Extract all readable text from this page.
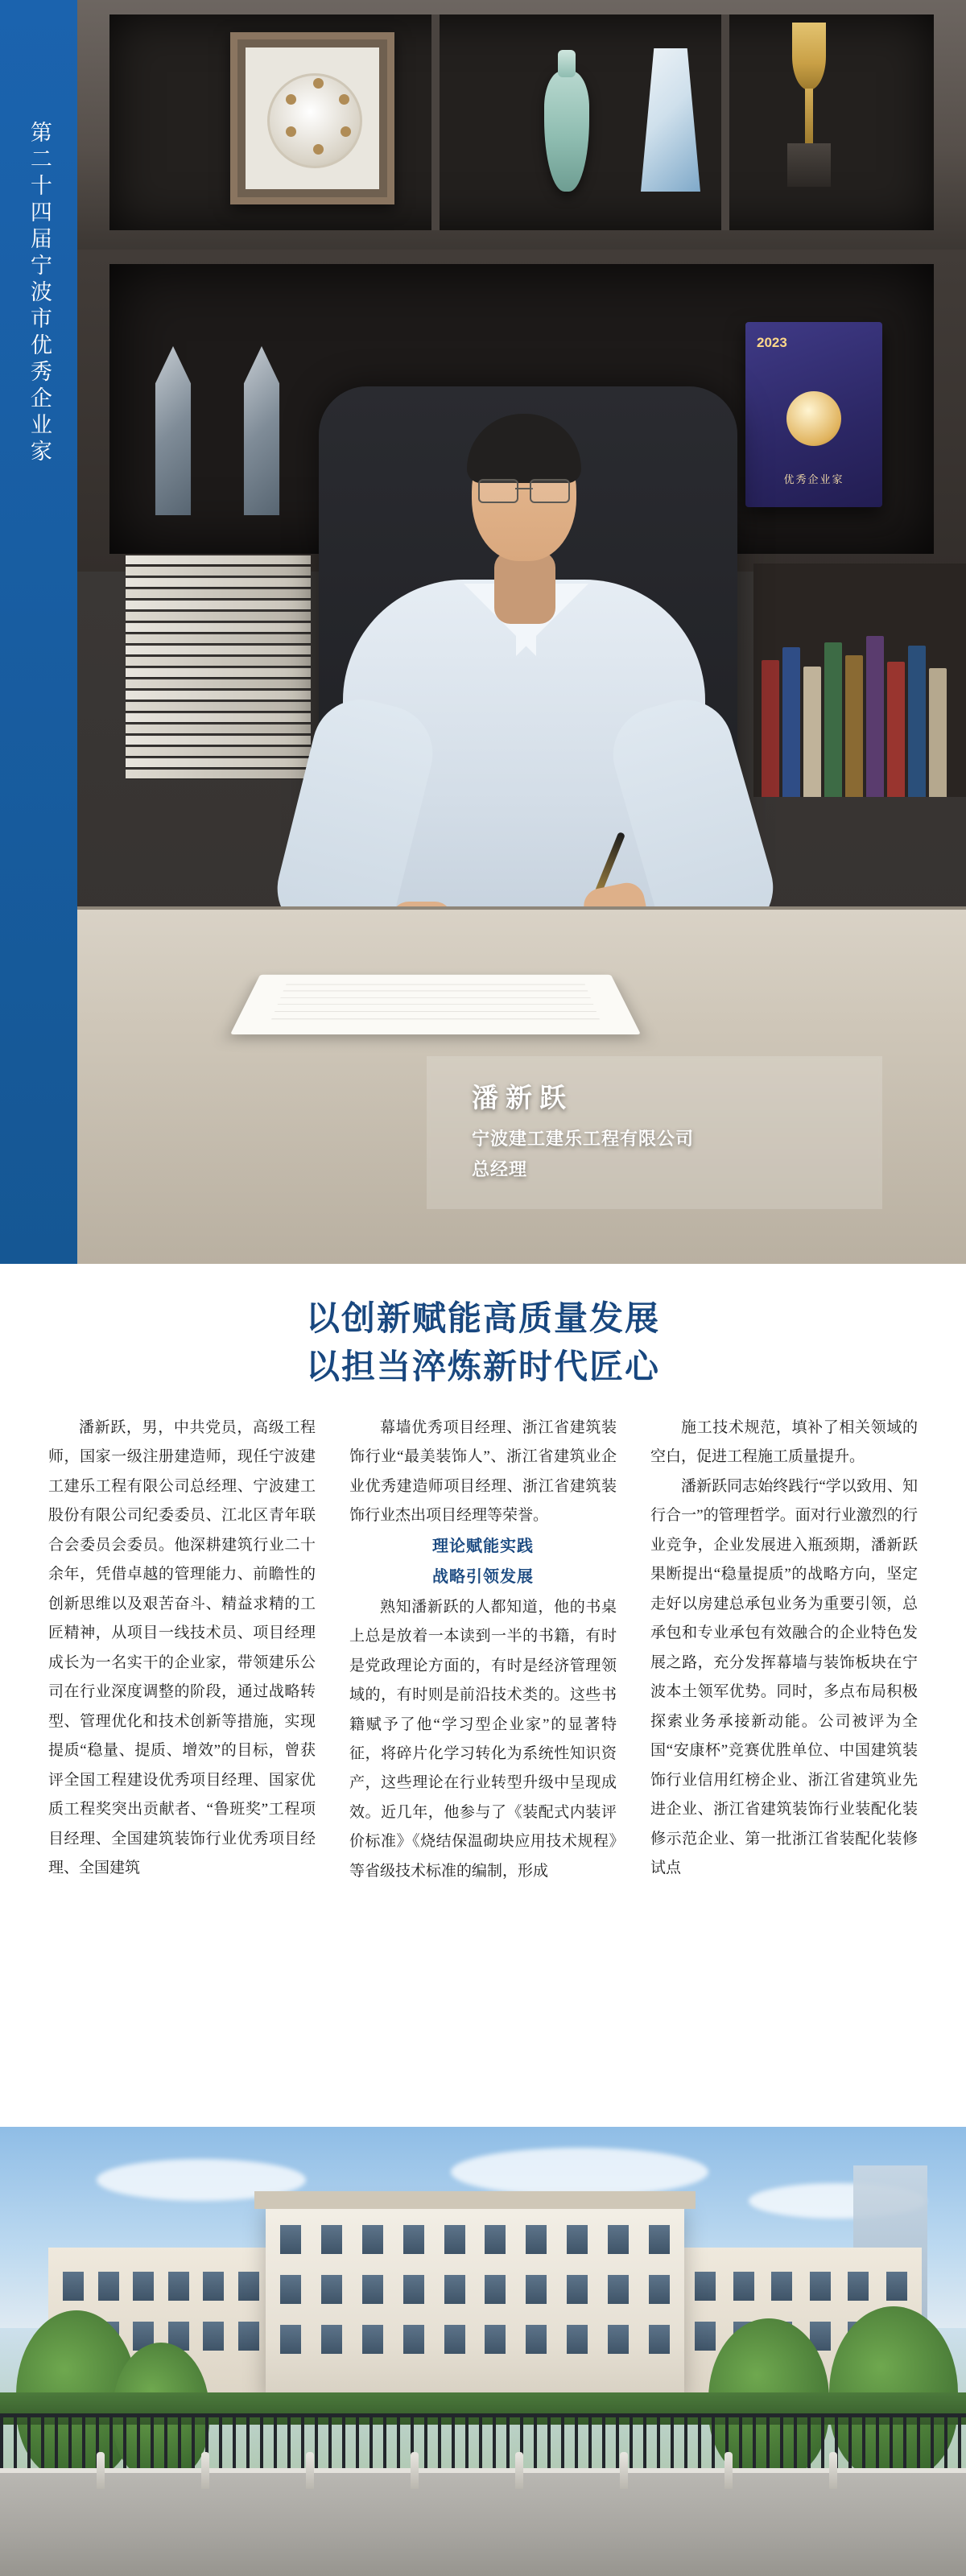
第二十四届宁波市优秀企业家	2023
优秀企业家
潘新跃
宁波建工建乐工程有限公司
总经理
以创新赋能高质量发展
以担当淬炼新时代匠心

潘新跃，男，中共党员，高级工程师，国家一级注册建造师，现任宁波建工建乐工程有限公司总经理、宁波建工股份有限公司纪委委员、江北区青年联合会委员会委员。他深耕建筑行业二十余年，凭借卓越的管理能力、前瞻性的创新思维以及艰苦奋斗、精益求精的工匠精神，从项目一线技术员、项目经理成长为一名实干的企业家，带领建乐公司在行业深度调整的阶段，通过战略转型、管理优化和技术创新等措施，实现提质“稳量、提质、增效”的目标，曾获评全国工程建设优秀项目经理、国家优质工程奖突出贡献者、“鲁班奖”工程项目经理、全国建筑装饰行业优秀项目经理、全国建筑

幕墙优秀项目经理、浙江省建筑装饰行业“最美装饰人”、浙江省建筑业企业优秀建造师项目经理、浙江省建筑装饰行业杰出项目经理等荣誉。

理论赋能实践

战略引领发展

熟知潘新跃的人都知道，他的书桌上总是放着一本读到一半的书籍，有时是党政理论方面的，有时是经济管理领域的，有时则是前沿技术类的。这些书籍赋予了他“学习型企业家”的显著特征，将碎片化学习转化为系统性知识资产，这些理论在行业转型升级中呈现成效。近几年，他参与了《装配式内装评价标准》《烧结保温砌块应用技术规程》等省级技术标准的编制，形成

施工技术规范，填补了相关领域的空白，促进工程施工质量提升。

潘新跃同志始终践行“学以致用、知行合一”的管理哲学。面对行业激烈的行业竞争，企业发展进入瓶颈期，潘新跃果断提出“稳量提质”的战略方向，坚定走好以房建总承包业务为重要引领，总承包和专业承包有效融合的企业特色发展之路，充分发挥幕墙与装饰板块在宁波本土领军优势。同时，多点布局积极探索业务承接新动能。公司被评为全国“安康杯”竞赛优胜单位、中国建筑装饰行业信用红榜企业、浙江省建筑业先进企业、浙江省建筑装饰行业装配化装修示范企业、第一批浙江省装配化装修试点
